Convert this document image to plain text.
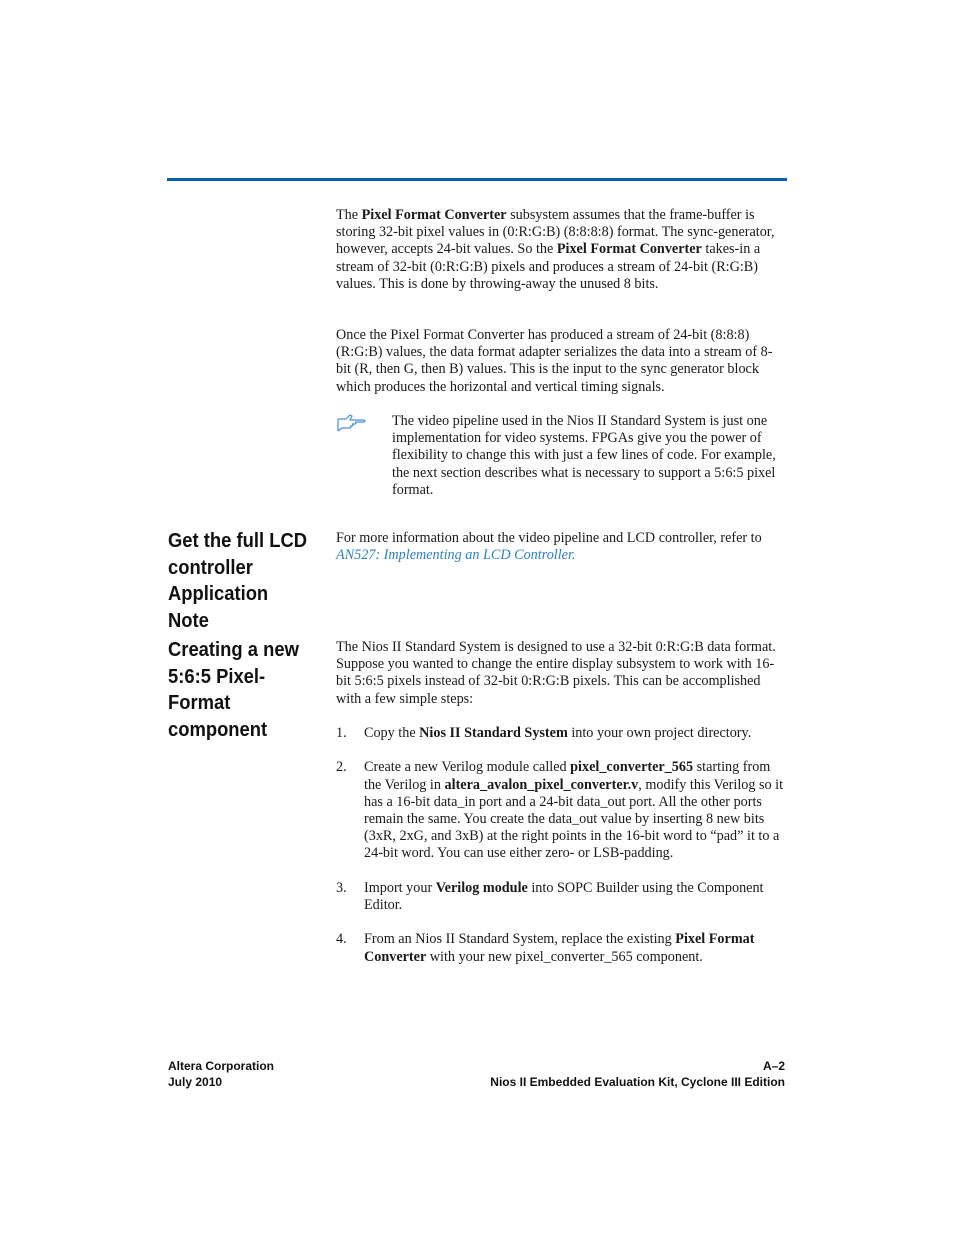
The Pixel Format Converter subsystem assumes that the frame-buffer is storing 32-bit pixel values in (0:R:G:B) (8:8:8:8) format. The sync-generator, however, accepts 24-bit values. So the Pixel Format Converter takes-in a stream of 32-bit (0:R:G:B) pixels and produces a stream of 24-bit (R:G:B) values. This is done by throwing-away the unused 8 bits.

Once the Pixel Format Converter has produced a stream of 24-bit (8:8:8) (R:G:B) values, the data format adapter serializes the data into a stream of 8-bit (R, then G, then B) values. This is the input to the sync generator block which produces the horizontal and vertical timing signals.

The video pipeline used in the Nios II Standard System is just one implementation for video systems. FPGAs give you the power of flexibility to change this with just a few lines of code. For example, the next section describes what is necessary to support a 5:6:5 pixel format.

Get the full LCD controller Application Note

For more information about the video pipeline and LCD controller, refer to AN527: Implementing an LCD Controller.

Creating a new 5:6:5 Pixel-Format component

The Nios II Standard System is designed to use a 32-bit 0:R:G:B data format. Suppose you wanted to change the entire display subsystem to work with 16-bit 5:6:5 pixels instead of 32-bit 0:R:G:B pixels. This can be accomplished with a few simple steps:

1. Copy the Nios II Standard System into your own project directory.
2. Create a new Verilog module called pixel_converter_565 starting from the Verilog in altera_avalon_pixel_converter.v, modify this Verilog so it has a 16-bit data_in port and a 24-bit data_out port. All the other ports remain the same. You create the data_out value by inserting 8 new bits (3xR, 2xG, and 3xB) at the right points in the 16-bit word to “pad” it to a 24-bit word. You can use either zero- or LSB-padding.
3. Import your Verilog module into SOPC Builder using the Component Editor.
4. From an Nios II Standard System, replace the existing Pixel Format Converter with your new pixel_converter_565 component.
Altera Corporation
July 2010
A–2
Nios II Embedded Evaluation Kit, Cyclone III Edition
